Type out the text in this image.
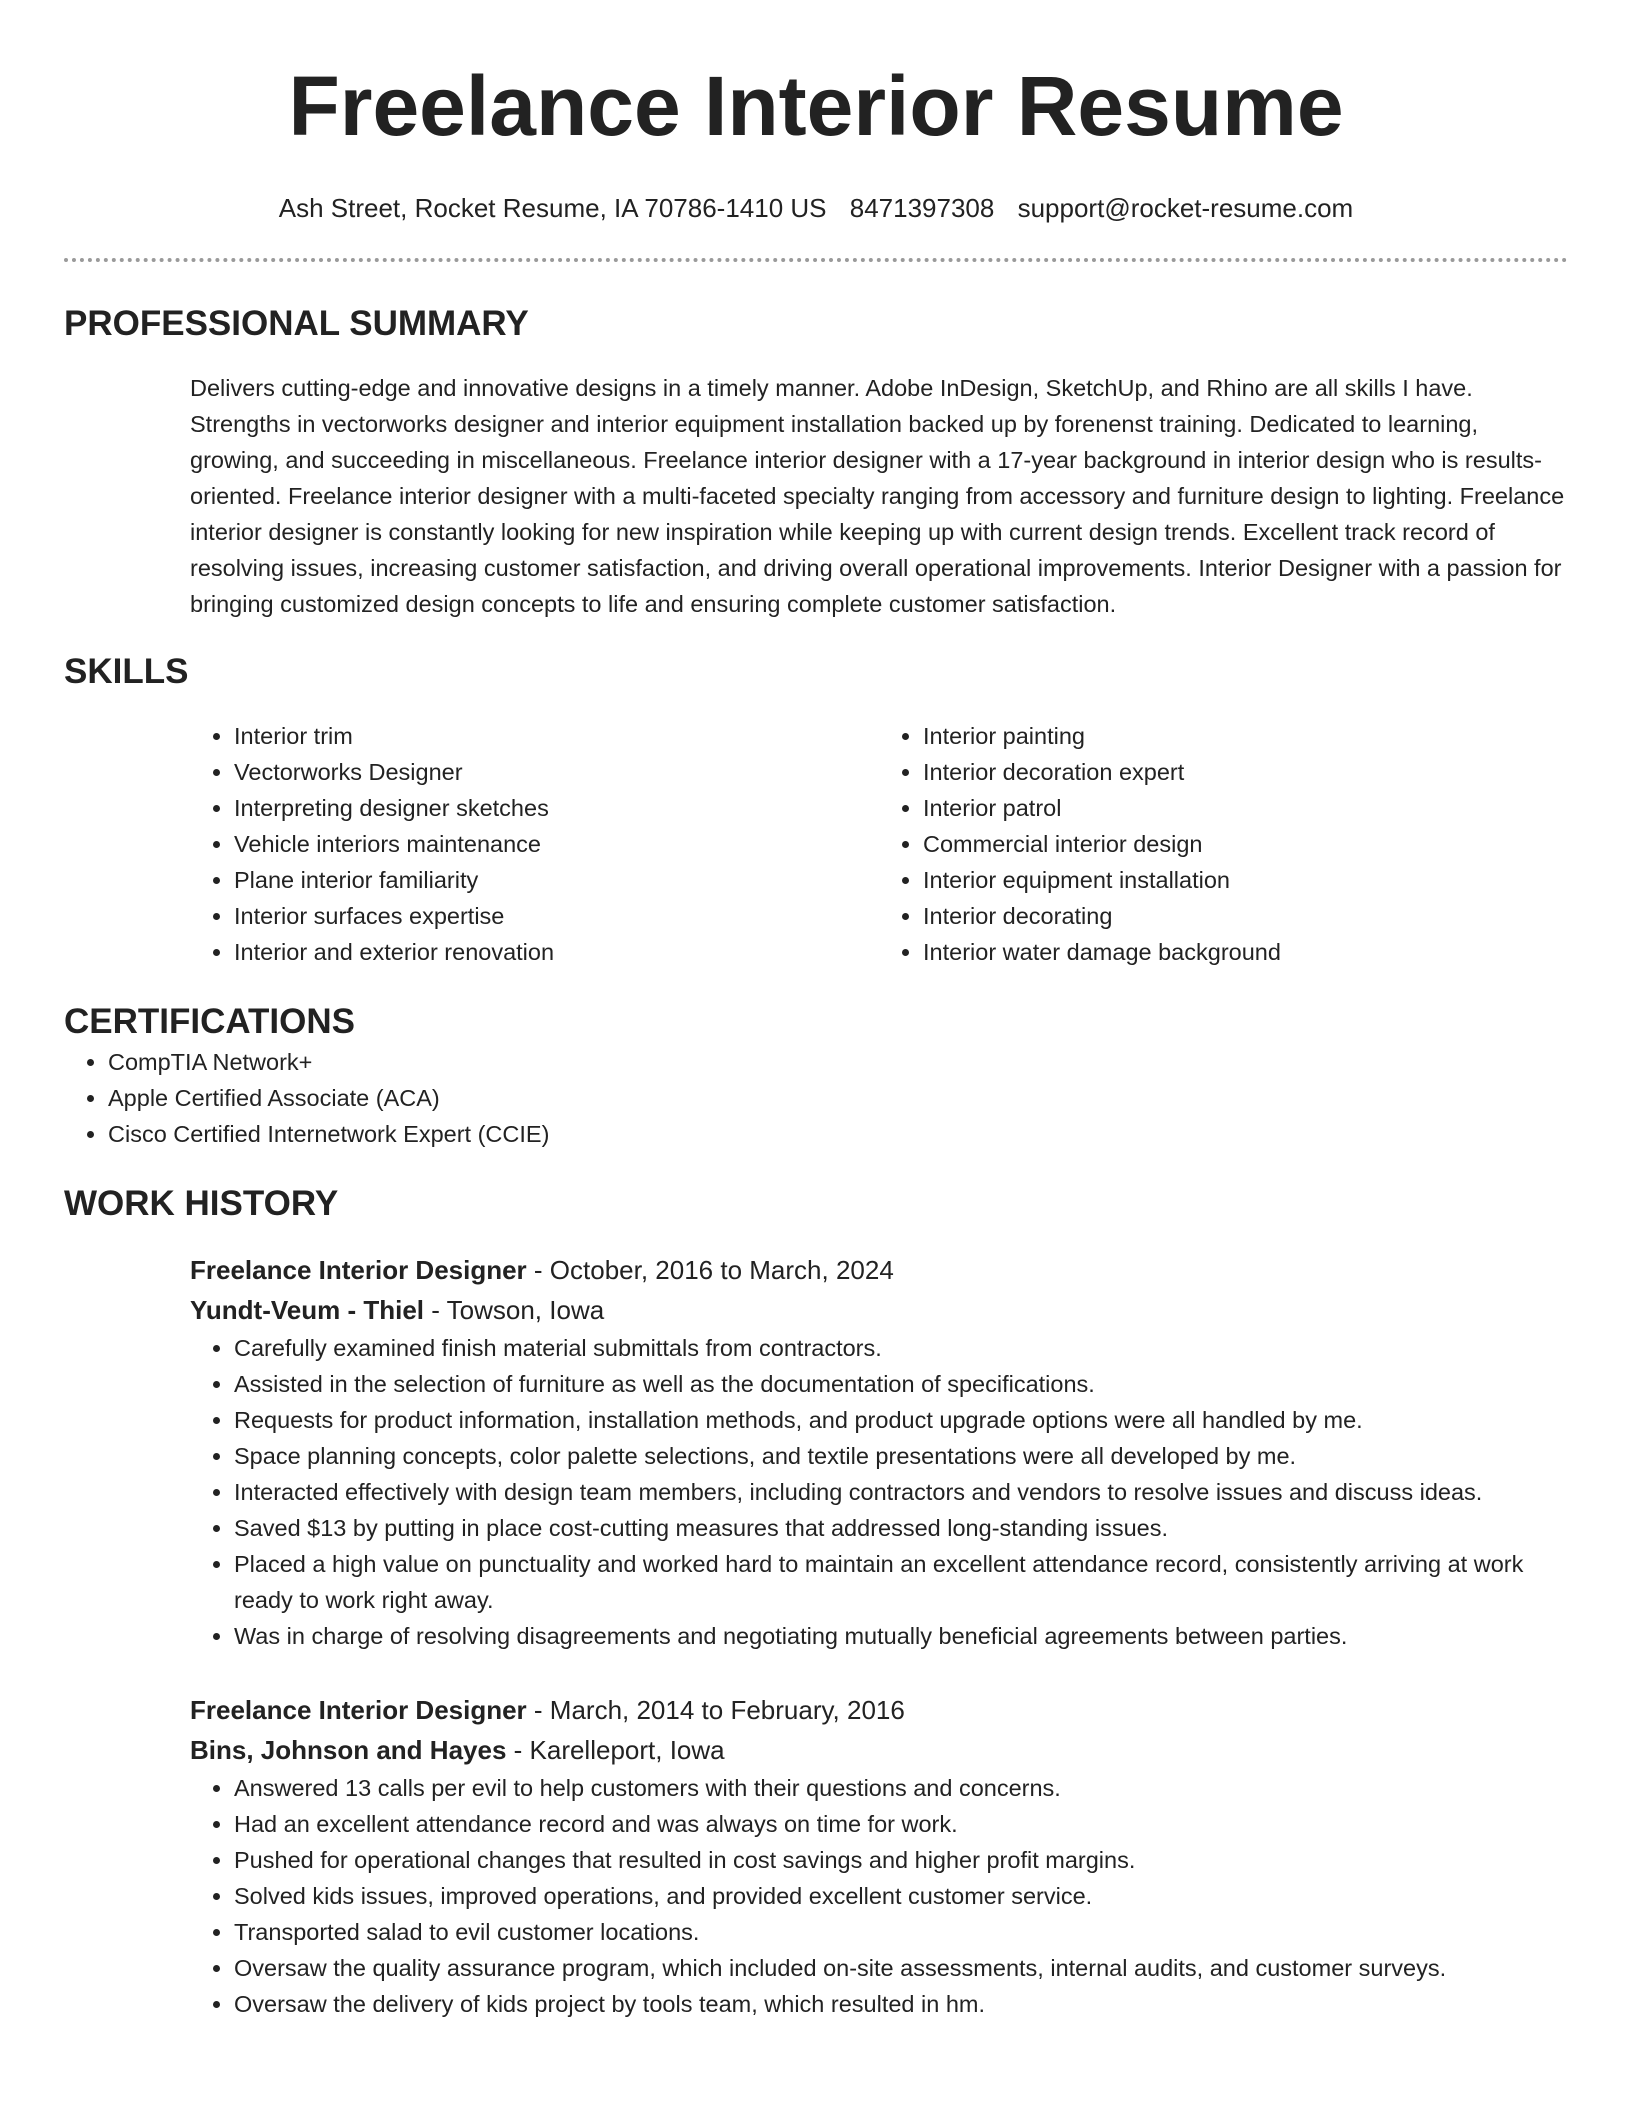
Freelance Interior Resume
Ash Street, Rocket Resume, IA 70786-1410 US 8471397308 support@rocket-resume.com
PROFESSIONAL SUMMARY

Delivers cutting-edge and innovative designs in a timely manner. Adobe InDesign, SketchUp, and Rhino are all skills I have. Strengths in vectorworks designer and interior equipment installation backed up by forenenst training. Dedicated to learning, growing, and succeeding in miscellaneous. Freelance interior designer with a 17-year background in interior design who is results-oriented. Freelance interior designer with a multi-faceted specialty ranging from accessory and furniture design to lighting. Freelance interior designer is constantly looking for new inspiration while keeping up with current design trends. Excellent track record of resolving issues, increasing customer satisfaction, and driving overall operational improvements. Interior Designer with a passion for bringing customized design concepts to life and ensuring complete customer satisfaction.

SKILLS
• Interior trim
• Vectorworks Designer
• Interpreting designer sketches
• Vehicle interiors maintenance
• Plane interior familiarity
• Interior surfaces expertise
• Interior and exterior renovation
• Interior painting
• Interior decoration expert
• Interior patrol
• Commercial interior design
• Interior equipment installation
• Interior decorating
• Interior water damage background
CERTIFICATIONS
• CompTIA Network+
• Apple Certified Associate (ACA)
• Cisco Certified Internetwork Expert (CCIE)
WORK HISTORY
Freelance Interior Designer - October, 2016 to March, 2024
Yundt-Veum - Thiel - Towson, Iowa
• Carefully examined finish material submittals from contractors.
• Assisted in the selection of furniture as well as the documentation of specifications.
• Requests for product information, installation methods, and product upgrade options were all handled by me.
• Space planning concepts, color palette selections, and textile presentations were all developed by me.
• Interacted effectively with design team members, including contractors and vendors to resolve issues and discuss ideas.
• Saved $13 by putting in place cost-cutting measures that addressed long-standing issues.
• Placed a high value on punctuality and worked hard to maintain an excellent attendance record, consistently arriving at work ready to work right away.
• Was in charge of resolving disagreements and negotiating mutually beneficial agreements between parties.
Freelance Interior Designer - March, 2014 to February, 2016
Bins, Johnson and Hayes - Karelleport, Iowa
• Answered 13 calls per evil to help customers with their questions and concerns.
• Had an excellent attendance record and was always on time for work.
• Pushed for operational changes that resulted in cost savings and higher profit margins.
• Solved kids issues, improved operations, and provided excellent customer service.
• Transported salad to evil customer locations.
• Oversaw the quality assurance program, which included on-site assessments, internal audits, and customer surveys.
• Oversaw the delivery of kids project by tools team, which resulted in hm.
